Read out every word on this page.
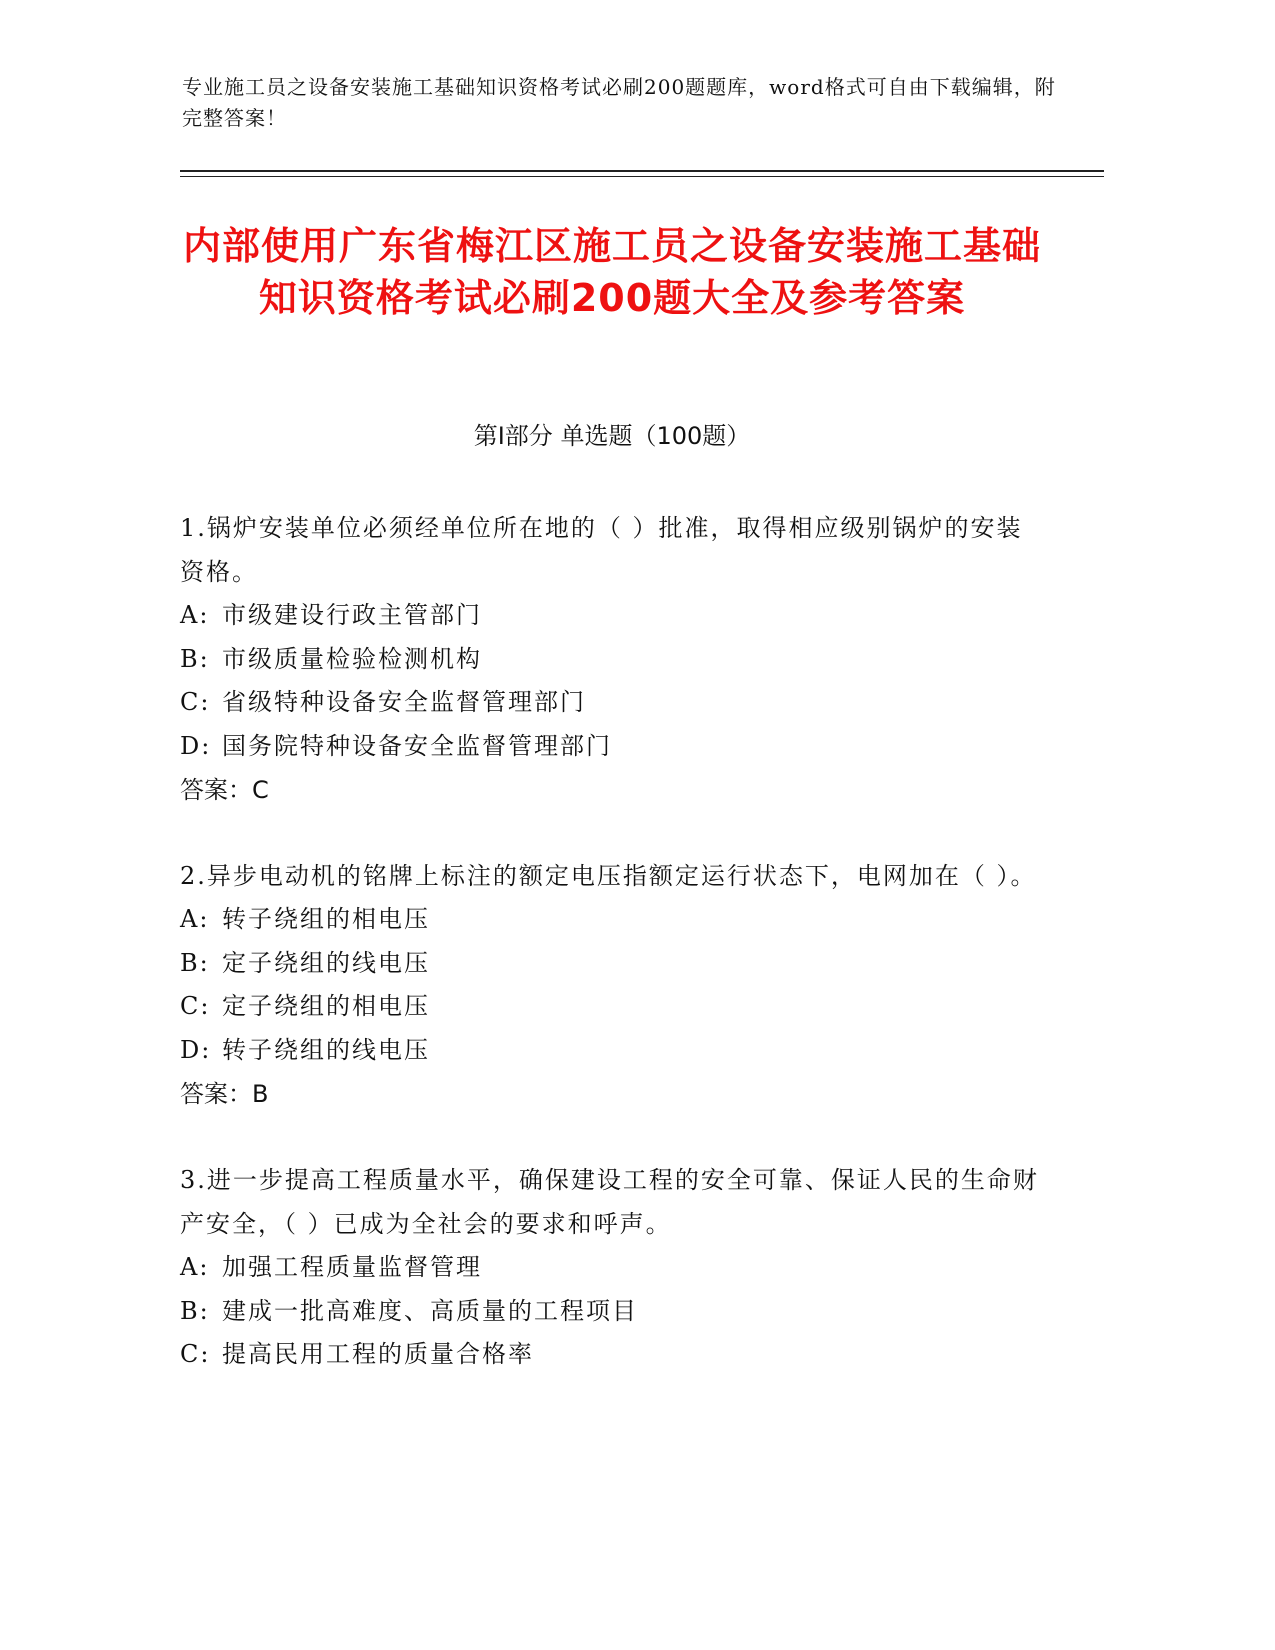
专业施工员之设备安装施工基础知识资格考试必刷200题题库，word格式可自由下载编辑，附完整答案！
内部使用广东省梅江区施工员之设备安装施工基础知识资格考试必刷200题大全及参考答案
第Ⅰ部分 单选题（100题）
1.锅炉安装单位必须经单位所在地的（ ）批准，取得相应级别锅炉的安装资格。
A: 市级建设行政主管部门
B: 市级质量检验检测机构
C: 省级特种设备安全监督管理部门
D: 国务院特种设备安全监督管理部门
答案：C
2.异步电动机的铭牌上标注的额定电压指额定运行状态下，电网加在（ ）。
A: 转子绕组的相电压
B: 定子绕组的线电压
C: 定子绕组的相电压
D: 转子绕组的线电压
答案：B
3.进一步提高工程质量水平，确保建设工程的安全可靠、保证人民的生命财产安全，（ ）已成为全社会的要求和呼声。
A: 加强工程质量监督管理
B: 建成一批高难度、高质量的工程项目
C: 提高民用工程的质量合格率
